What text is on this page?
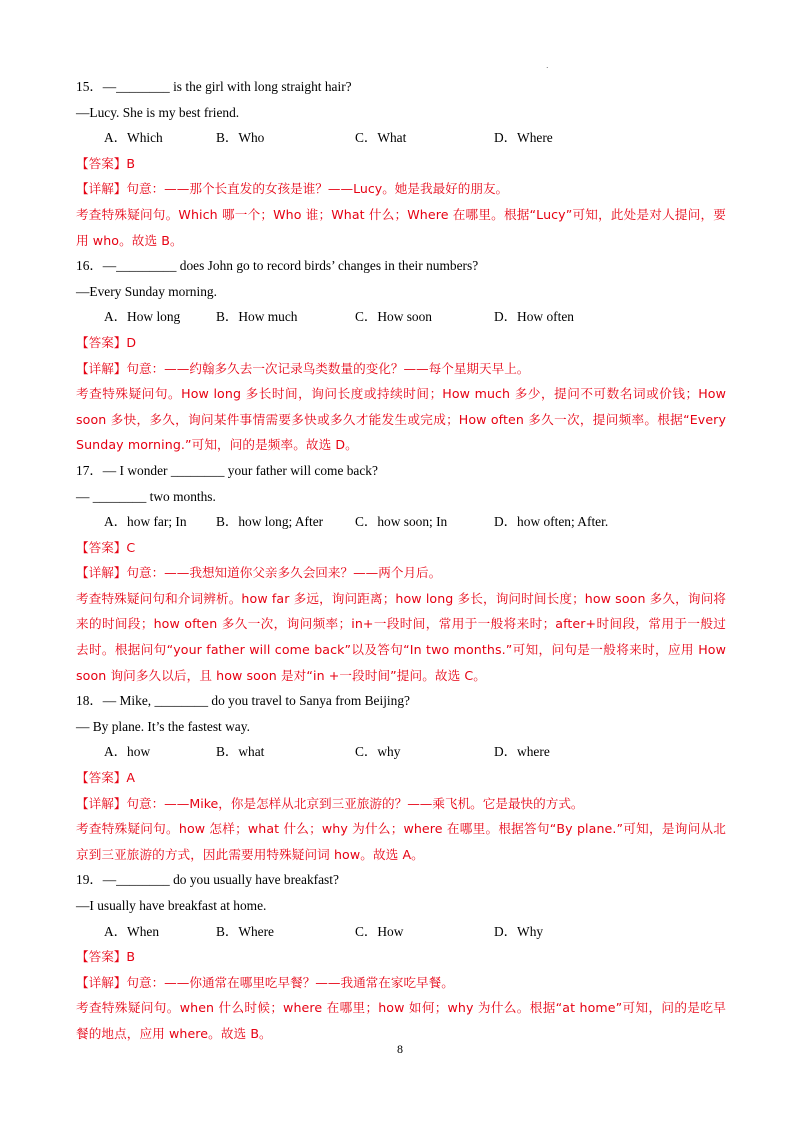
.
15．—________ is the girl with long straight hair?
—Lucy. She is my best friend.
A．Which	B．Who	C．What	D．Where
【答案】B
【详解】句意：——那个长直发的女孩是谁？——Lucy。她是我最好的朋友。
考查特殊疑问句。Which 哪一个；Who 谁；What 什么；Where 在哪里。根据“Lucy”可知，此处是对人提问，要用 who。故选 B。
16．—_________ does John go to record birds’ changes in their numbers?
—Every Sunday morning.
A．How long	B．How much	C．How soon	D．How often
【答案】D
【详解】句意：——约翰多久去一次记录鸟类数量的变化？——每个星期天早上。
考查特殊疑问句。How long 多长时间，询问长度或持续时间；How much 多少，提问不可数名词或价钱；How soon 多快，多久，询问某件事情需要多快或多久才能发生或完成；How often 多久一次，提问频率。根据“Every Sunday morning.”可知，问的是频率。故选 D。
17．— I wonder ________ your father will come back?
— ________ two months.
A．how far; In B．how long; After C．how soon; In	D．how often; After.
【答案】C
【详解】句意：——我想知道你父亲多久会回来？——两个月后。
考查特殊疑问句和介词辨析。how far 多远，询问距离；how long 多长，询问时间长度；how soon 多久，询问将来的时间段；how often 多久一次，询问频率；in+一段时间，常用于一般将来时；after+时间段，常用于一般过去时。根据问句“your father will come back”以及答句“In two months.”可知，问句是一般将来时，应用 How soon 询问多久以后，且 how soon 是对“in +一段时间”提问。故选 C。
18．— Mike, ________ do you travel to Sanya from Beijing?
— By plane. It’s the fastest way.
A．how	B．what	C．why	D．where
【答案】A
【详解】句意：——Mike，你是怎样从北京到三亚旅游的？——乘飞机。它是最快的方式。
考查特殊疑问句。how 怎样；what 什么；why 为什么；where 在哪里。根据答句“By plane.”可知，是询问从北京到三亚旅游的方式，因此需要用特殊疑问词 how。故选 A。
19．—________ do you usually have breakfast?
—I usually have breakfast at home.
A．When	B．Where	C．How	D．Why
【答案】B
【详解】句意：——你通常在哪里吃早餐？——我通常在家吃早餐。
考查特殊疑问句。when 什么时候；where 在哪里；how 如何；why 为什么。根据“at home”可知，问的是吃早餐的地点，应用 where。故选 B。
8
